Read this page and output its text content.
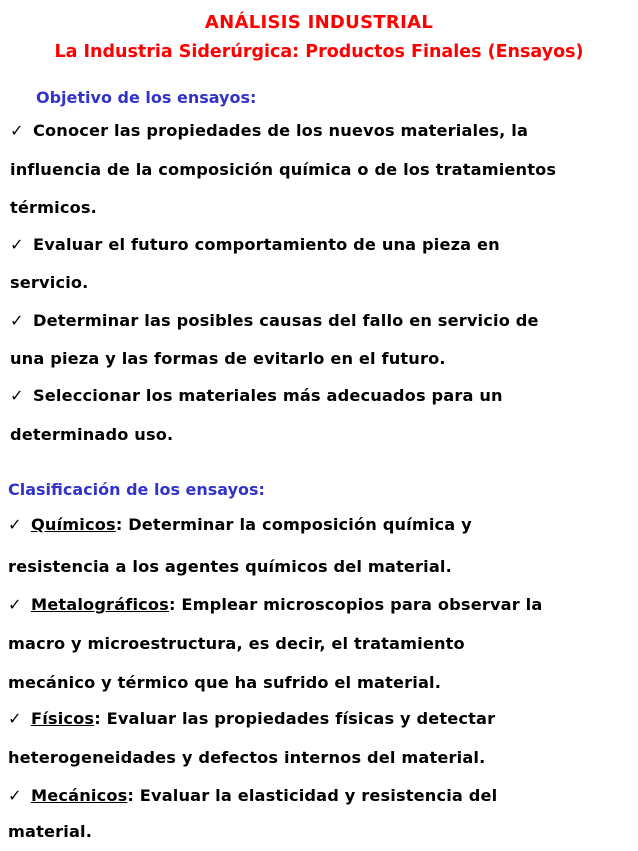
ANÁLISIS INDUSTRIAL
La Industria Siderúrgica: Productos Finales (Ensayos)
Objetivo de los ensayos:
✓ Conocer las propiedades de los nuevos materiales, la
influencia de la composición química o de los tratamientos
térmicos.
✓ Evaluar el futuro comportamiento de una pieza en
servicio.
✓ Determinar las posibles causas del fallo en servicio de
una pieza y las formas de evitarlo en el futuro.
✓ Seleccionar los materiales más adecuados para un
determinado uso.
Clasificación de los ensayos:
✓ Químicos: Determinar la composición química y
resistencia a los agentes químicos del material.
✓ Metalográficos: Emplear microscopios para observar la
macro y microestructura, es decir, el tratamiento
mecánico y térmico que ha sufrido el material.
✓ Físicos: Evaluar las propiedades físicas y detectar
heterogeneidades y defectos internos del material.
✓ Mecánicos: Evaluar la elasticidad y resistencia del
material.
